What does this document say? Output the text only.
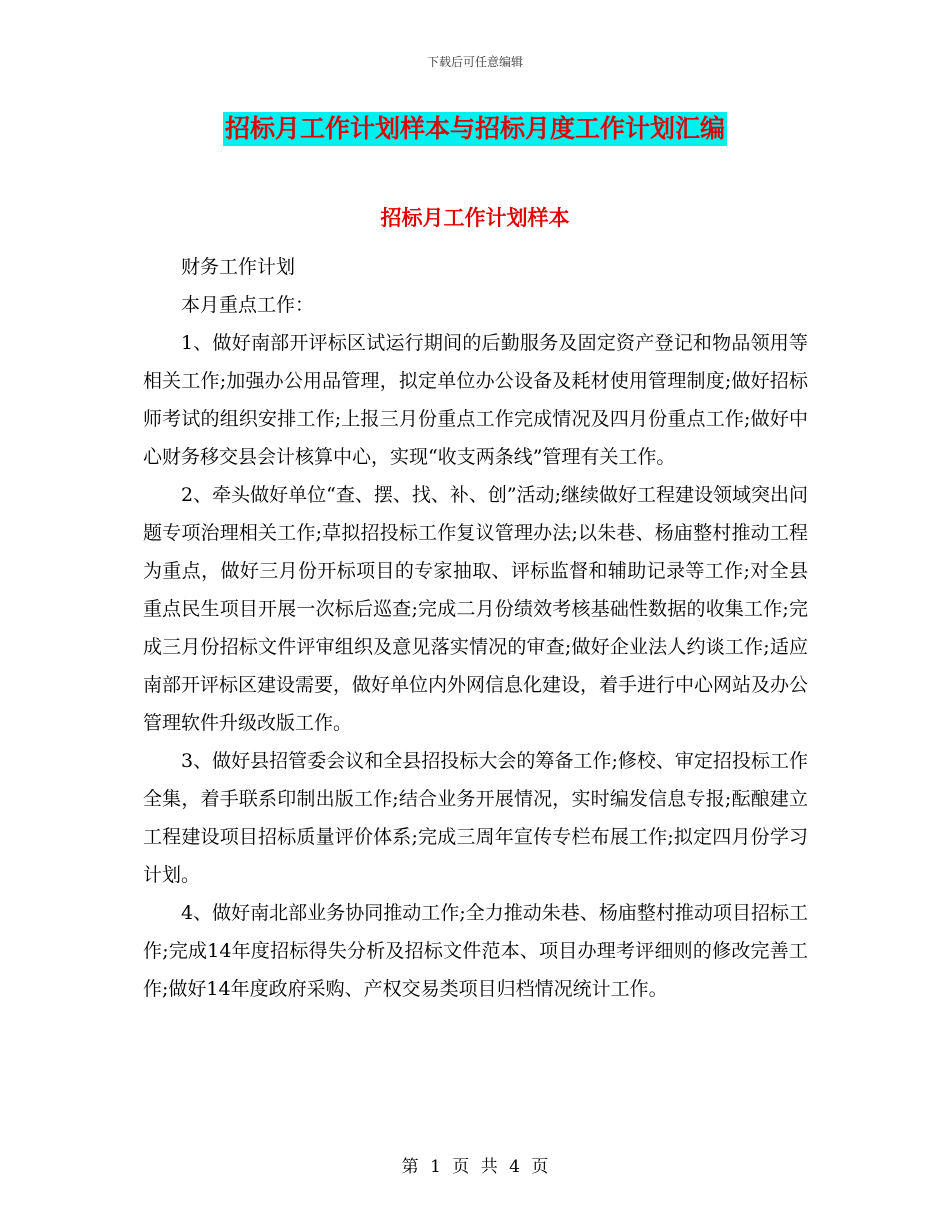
下载后可任意编辑
招标月工作计划样本与招标月度工作计划汇编
招标月工作计划样本

财务工作计划

本月重点工作：

1、做好南部开评标区试运行期间的后勤服务及固定资产登记和物品领用等相关工作;加强办公用品管理，拟定单位办公设备及耗材使用管理制度;做好招标师考试的组织安排工作;上报三月份重点工作完成情况及四月份重点工作;做好中心财务移交县会计核算中心，实现“收支两条线”管理有关工作。

2、牵头做好单位“查、摆、找、补、创”活动;继续做好工程建设领域突出问题专项治理相关工作;草拟招投标工作复议管理办法;以朱巷、杨庙整村推动工程为重点，做好三月份开标项目的专家抽取、评标监督和辅助记录等工作;对全县重点民生项目开展一次标后巡查;完成二月份绩效考核基础性数据的收集工作;完成三月份招标文件评审组织及意见落实情况的审查;做好企业法人约谈工作;适应南部开评标区建设需要，做好单位内外网信息化建设，着手进行中心网站及办公管理软件升级改版工作。

3、做好县招管委会议和全县招投标大会的筹备工作;修校、审定招投标工作全集，着手联系印制出版工作;结合业务开展情况，实时编发信息专报;酝酿建立工程建设项目招标质量评价体系;完成三周年宣传专栏布展工作;拟定四月份学习计划。

4、做好南北部业务协同推动工作;全力推动朱巷、杨庙整村推动项目招标工作;完成14年度招标得失分析及招标文件范本、项目办理考评细则的修改完善工作;做好14年度政府采购、产权交易类项目归档情况统计工作。

第 1 页 共 4 页
